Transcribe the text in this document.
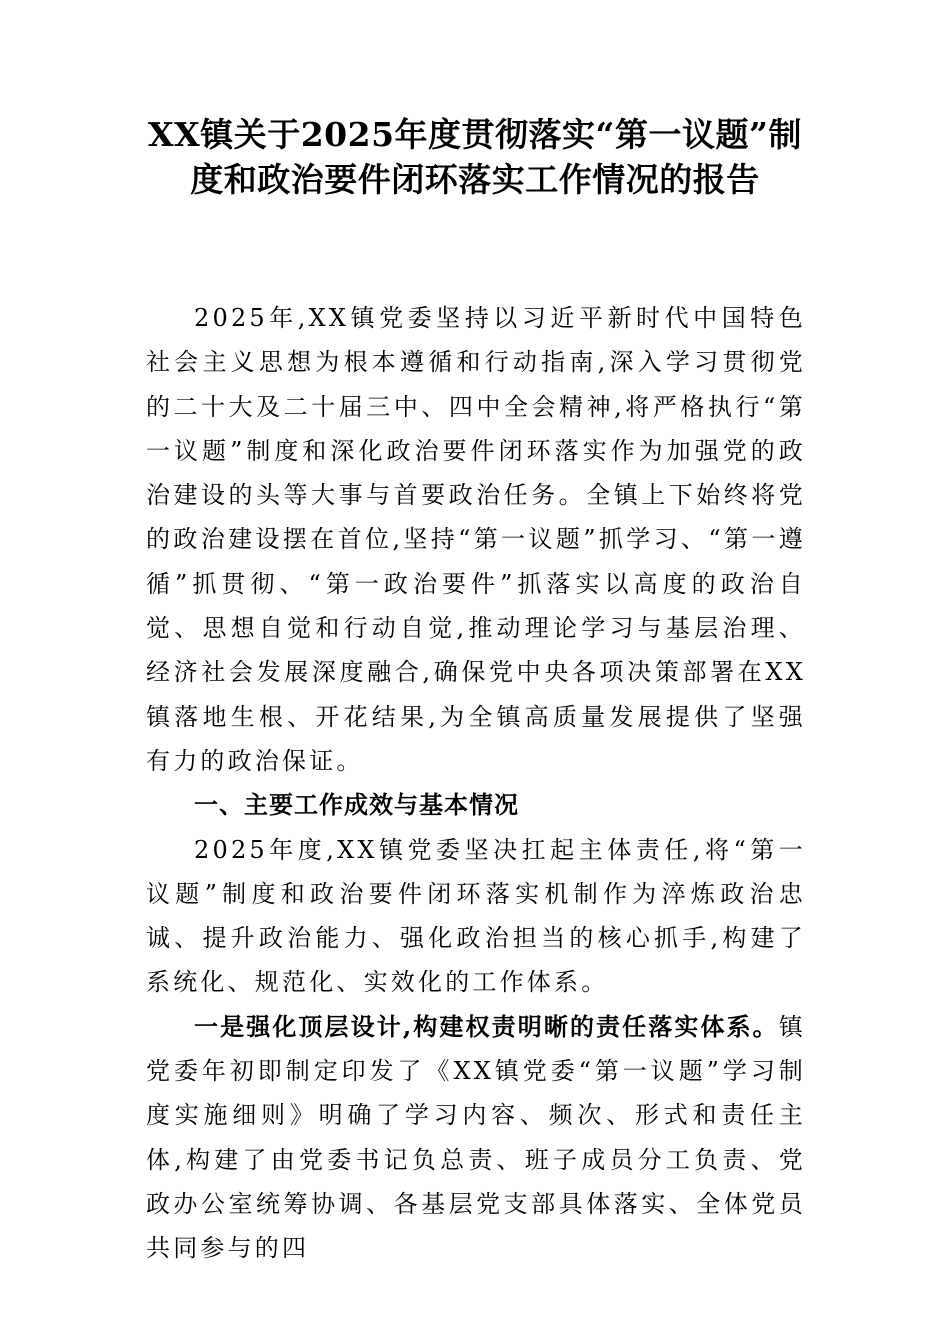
XX镇关于2025年度贯彻落实“第一议题”制度和政治要件闭环落实工作情况的报告

2025年,XX镇党委坚持以习近平新时代中国特色社会主义思想为根本遵循和行动指南,深入学习贯彻党的二十大及二十届三中、四中全会精神,将严格执行“第一议题”制度和深化政治要件闭环落实作为加强党的政治建设的头等大事与首要政治任务。全镇上下始终将党的政治建设摆在首位,坚持“第一议题”抓学习、“第一遵循”抓贯彻、“第一政治要件”抓落实以高度的政治自觉、思想自觉和行动自觉,推动理论学习与基层治理、经济社会发展深度融合,确保党中央各项决策部署在XX镇落地生根、开花结果,为全镇高质量发展提供了坚强有力的政治保证。

一、主要工作成效与基本情况

2025年度,XX镇党委坚决扛起主体责任,将“第一议题”制度和政治要件闭环落实机制作为淬炼政治忠诚、提升政治能力、强化政治担当的核心抓手,构建了系统化、规范化、实效化的工作体系。

一是强化顶层设计,构建权责明晰的责任落实体系。镇党委年初即制定印发了《XX镇党委“第一议题”学习制度实施细则》明确了学习内容、频次、形式和责任主体,构建了由党委书记负总责、班子成员分工负责、党政办公室统筹协调、各基层党支部具体落实、全体党员共同参与的四
